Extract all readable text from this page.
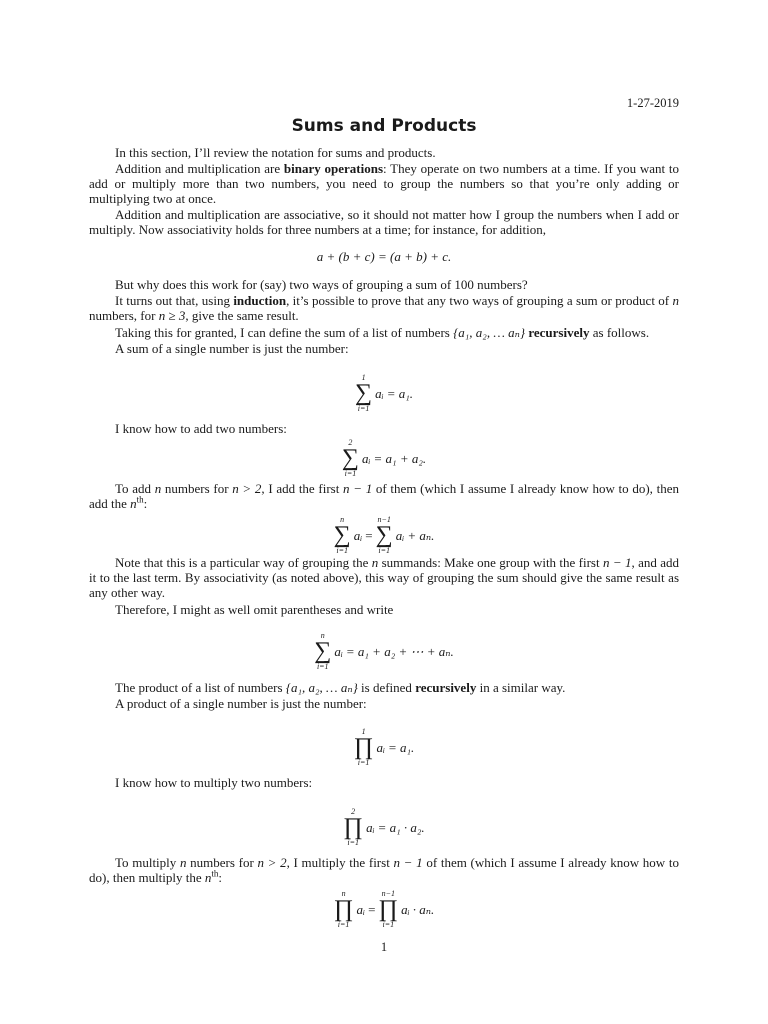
1-27-2019
Sums and Products

In this section, I’ll review the notation for sums and products.

Addition and multiplication are binary operations: They operate on two numbers at a time. If you want to add or multiply more than two numbers, you need to group the numbers so that you’re only adding or multiplying two at once.

Addition and multiplication are associative, so it should not matter how I group the numbers when I add or multiply. Now associativity holds for three numbers at a time; for instance, for addition,

a + (b + c) = (a + b) + c.

But why does this work for (say) two ways of grouping a sum of 100 numbers?

It turns out that, using induction, it’s possible to prove that any two ways of grouping a sum or product of n numbers, for n ≥ 3, give the same result.

Taking this for granted, I can define the sum of a list of numbers {a₁, a₂, … aₙ} recursively as follows.

A sum of a single number is just the number:

1
∑
i=1
aᵢ = a₁.

I know how to add two numbers:

2
∑
i=1
aᵢ = a₁ + a₂.

To add n numbers for n > 2, I add the first n − 1 of them (which I assume I already know how to do), then add the $n^{th}$:

n
∑
i=1
aᵢ =
n−1
∑
i=1
aᵢ + aₙ.

Note that this is a particular way of grouping the n summands: Make one group with the first n − 1, and add it to the last term. By associativity (as noted above), this way of grouping the sum should give the same result as any other way.

Therefore, I might as well omit parentheses and write

n
∑
i=1
aᵢ = a₁ + a₂ + ⋯ + aₙ.

The product of a list of numbers {a₁, a₂, … aₙ} is defined recursively in a similar way.

A product of a single number is just the number:

1
∏
i=1
aᵢ = a₁.

I know how to multiply two numbers:

2
∏
i=1
aᵢ = a₁ · a₂.

To multiply n numbers for n > 2, I multiply the first n − 1 of them (which I assume I already know how to do), then multiply the $n^{th}$:

n
∏
i=1
aᵢ =
n−1
∏
i=1
aᵢ · aₙ.
1
